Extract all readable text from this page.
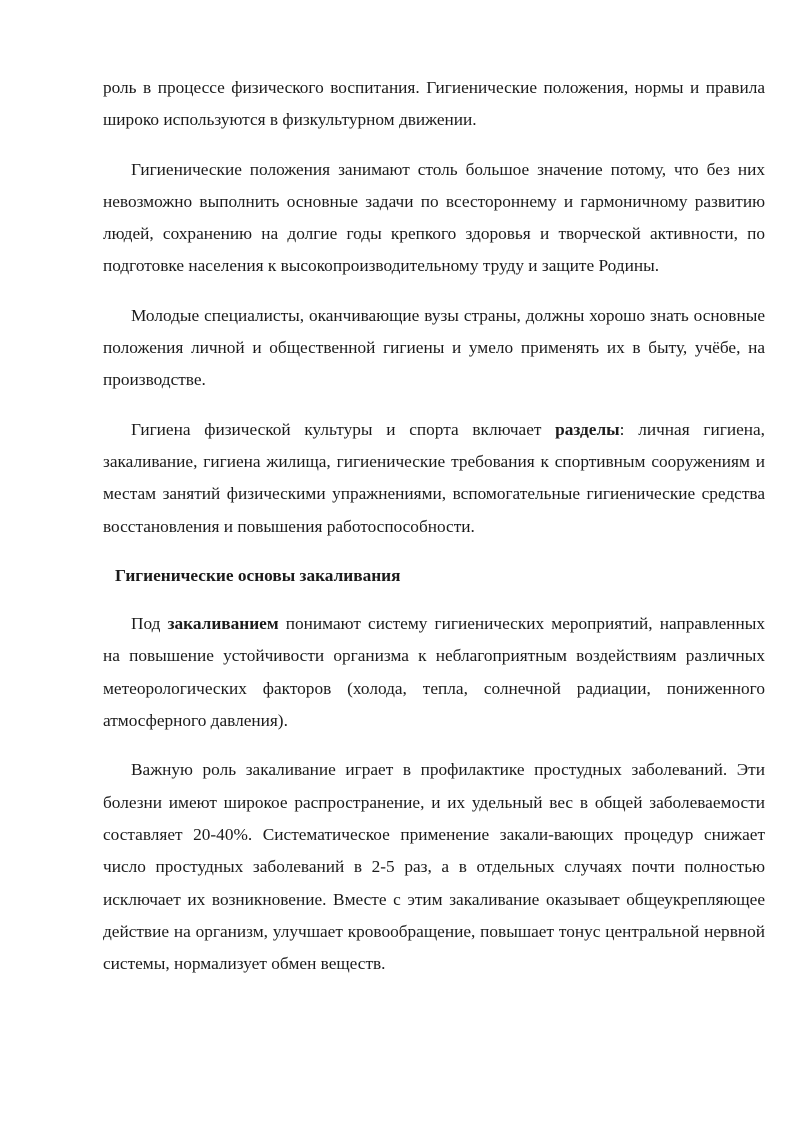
роль в процессе физического воспитания. Гигиенические положения, нормы и правила широко используются в физкультурном движении.

Гигиенические положения занимают столь большое значение потому, что без них невозможно выполнить основные задачи по всестороннему и гармоничному развитию людей, сохранению на долгие годы крепкого здоровья и творческой активности, по подготовке населения к высокопроизводительному труду и защите Родины.

Молодые специалисты, оканчивающие вузы страны, должны хорошо знать основные положения личной и общественной гигиены и умело применять их в быту, учёбе, на производстве.

Гигиена физической культуры и спорта включает разделы: личная гигиена, закаливание, гигиена жилища, гигиенические требования к спортивным сооружениям и местам занятий физическими упражнениями, вспомогательные гигиенические средства восстановления и повышения работоспособности.

Гигиенические основы закаливания

Под закаливанием понимают систему гигиенических мероприятий, направленных на повышение устойчивости организма к неблагоприятным воздействиям различных метеорологических факторов (холода, тепла, солнечной радиации, пониженного атмосферного давления).

Важную роль закаливание играет в профилактике простудных заболеваний. Эти болезни имеют широкое распространение, и их удельный вес в общей заболеваемости составляет 20-40%. Систематическое применение закали-вающих процедур снижает число простудных заболеваний в 2-5 раз, а в отдельных случаях почти полностью исключает их возникновение. Вместе с этим закаливание оказывает общеукрепляющее действие на организм, улучшает кровообращение, повышает тонус центральной нервной системы, нормализует обмен веществ.
